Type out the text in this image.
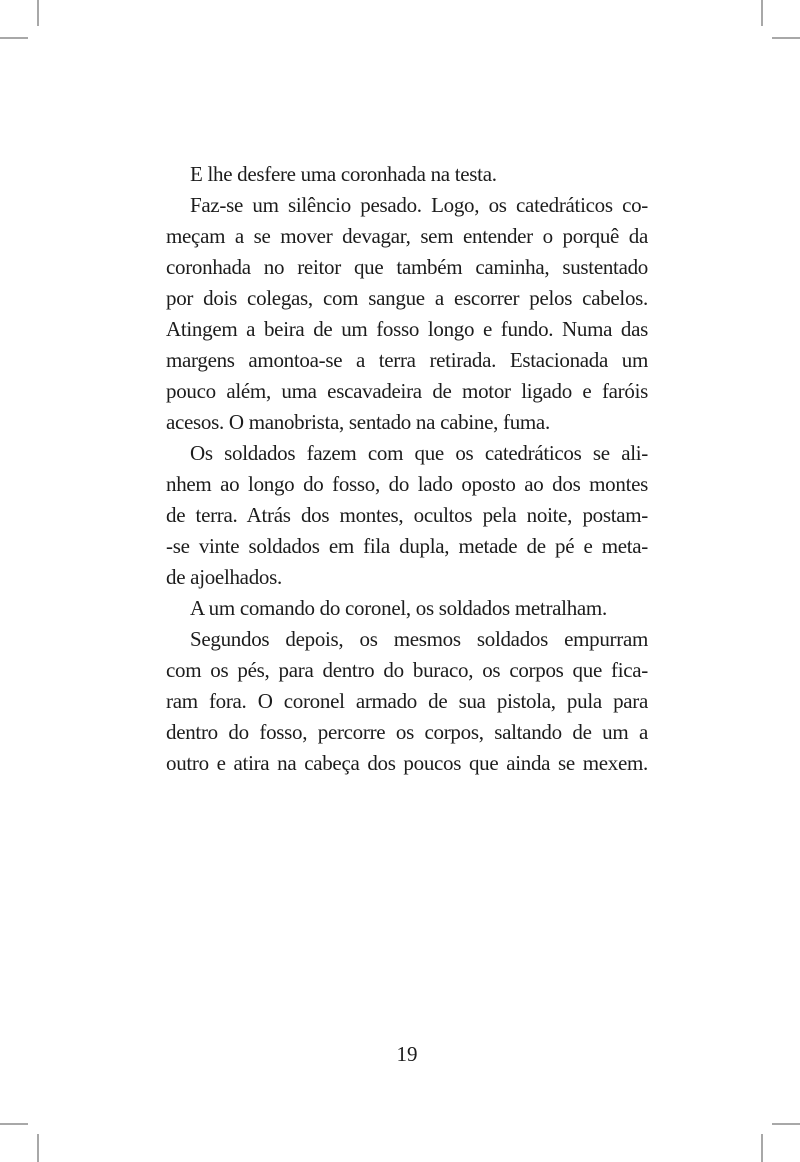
E lhe desfere uma coronhada na testa.
Faz-se um silêncio pesado. Logo, os catedráticos co-
meçam a se mover devagar, sem entender o porquê da
coronhada no reitor que também caminha, sustentado
por dois colegas, com sangue a escorrer pelos cabelos.
Atingem a beira de um fosso longo e fundo. Numa das
margens amontoa-se a terra retirada. Estacionada um
pouco além, uma escavadeira de motor ligado e faróis
acesos. O manobrista, sentado na cabine, fuma.
Os soldados fazem com que os catedráticos se ali-
nhem ao longo do fosso, do lado oposto ao dos montes
de terra. Atrás dos montes, ocultos pela noite, postam-
-se vinte soldados em fila dupla, metade de pé e meta-
de ajoelhados.
A um comando do coronel, os soldados metralham.
Segundos depois, os mesmos soldados empurram
com os pés, para dentro do buraco, os corpos que fica-
ram fora. O coronel armado de sua pistola, pula para
dentro do fosso, percorre os corpos, saltando de um a
outro e atira na cabeça dos poucos que ainda se mexem.
19
